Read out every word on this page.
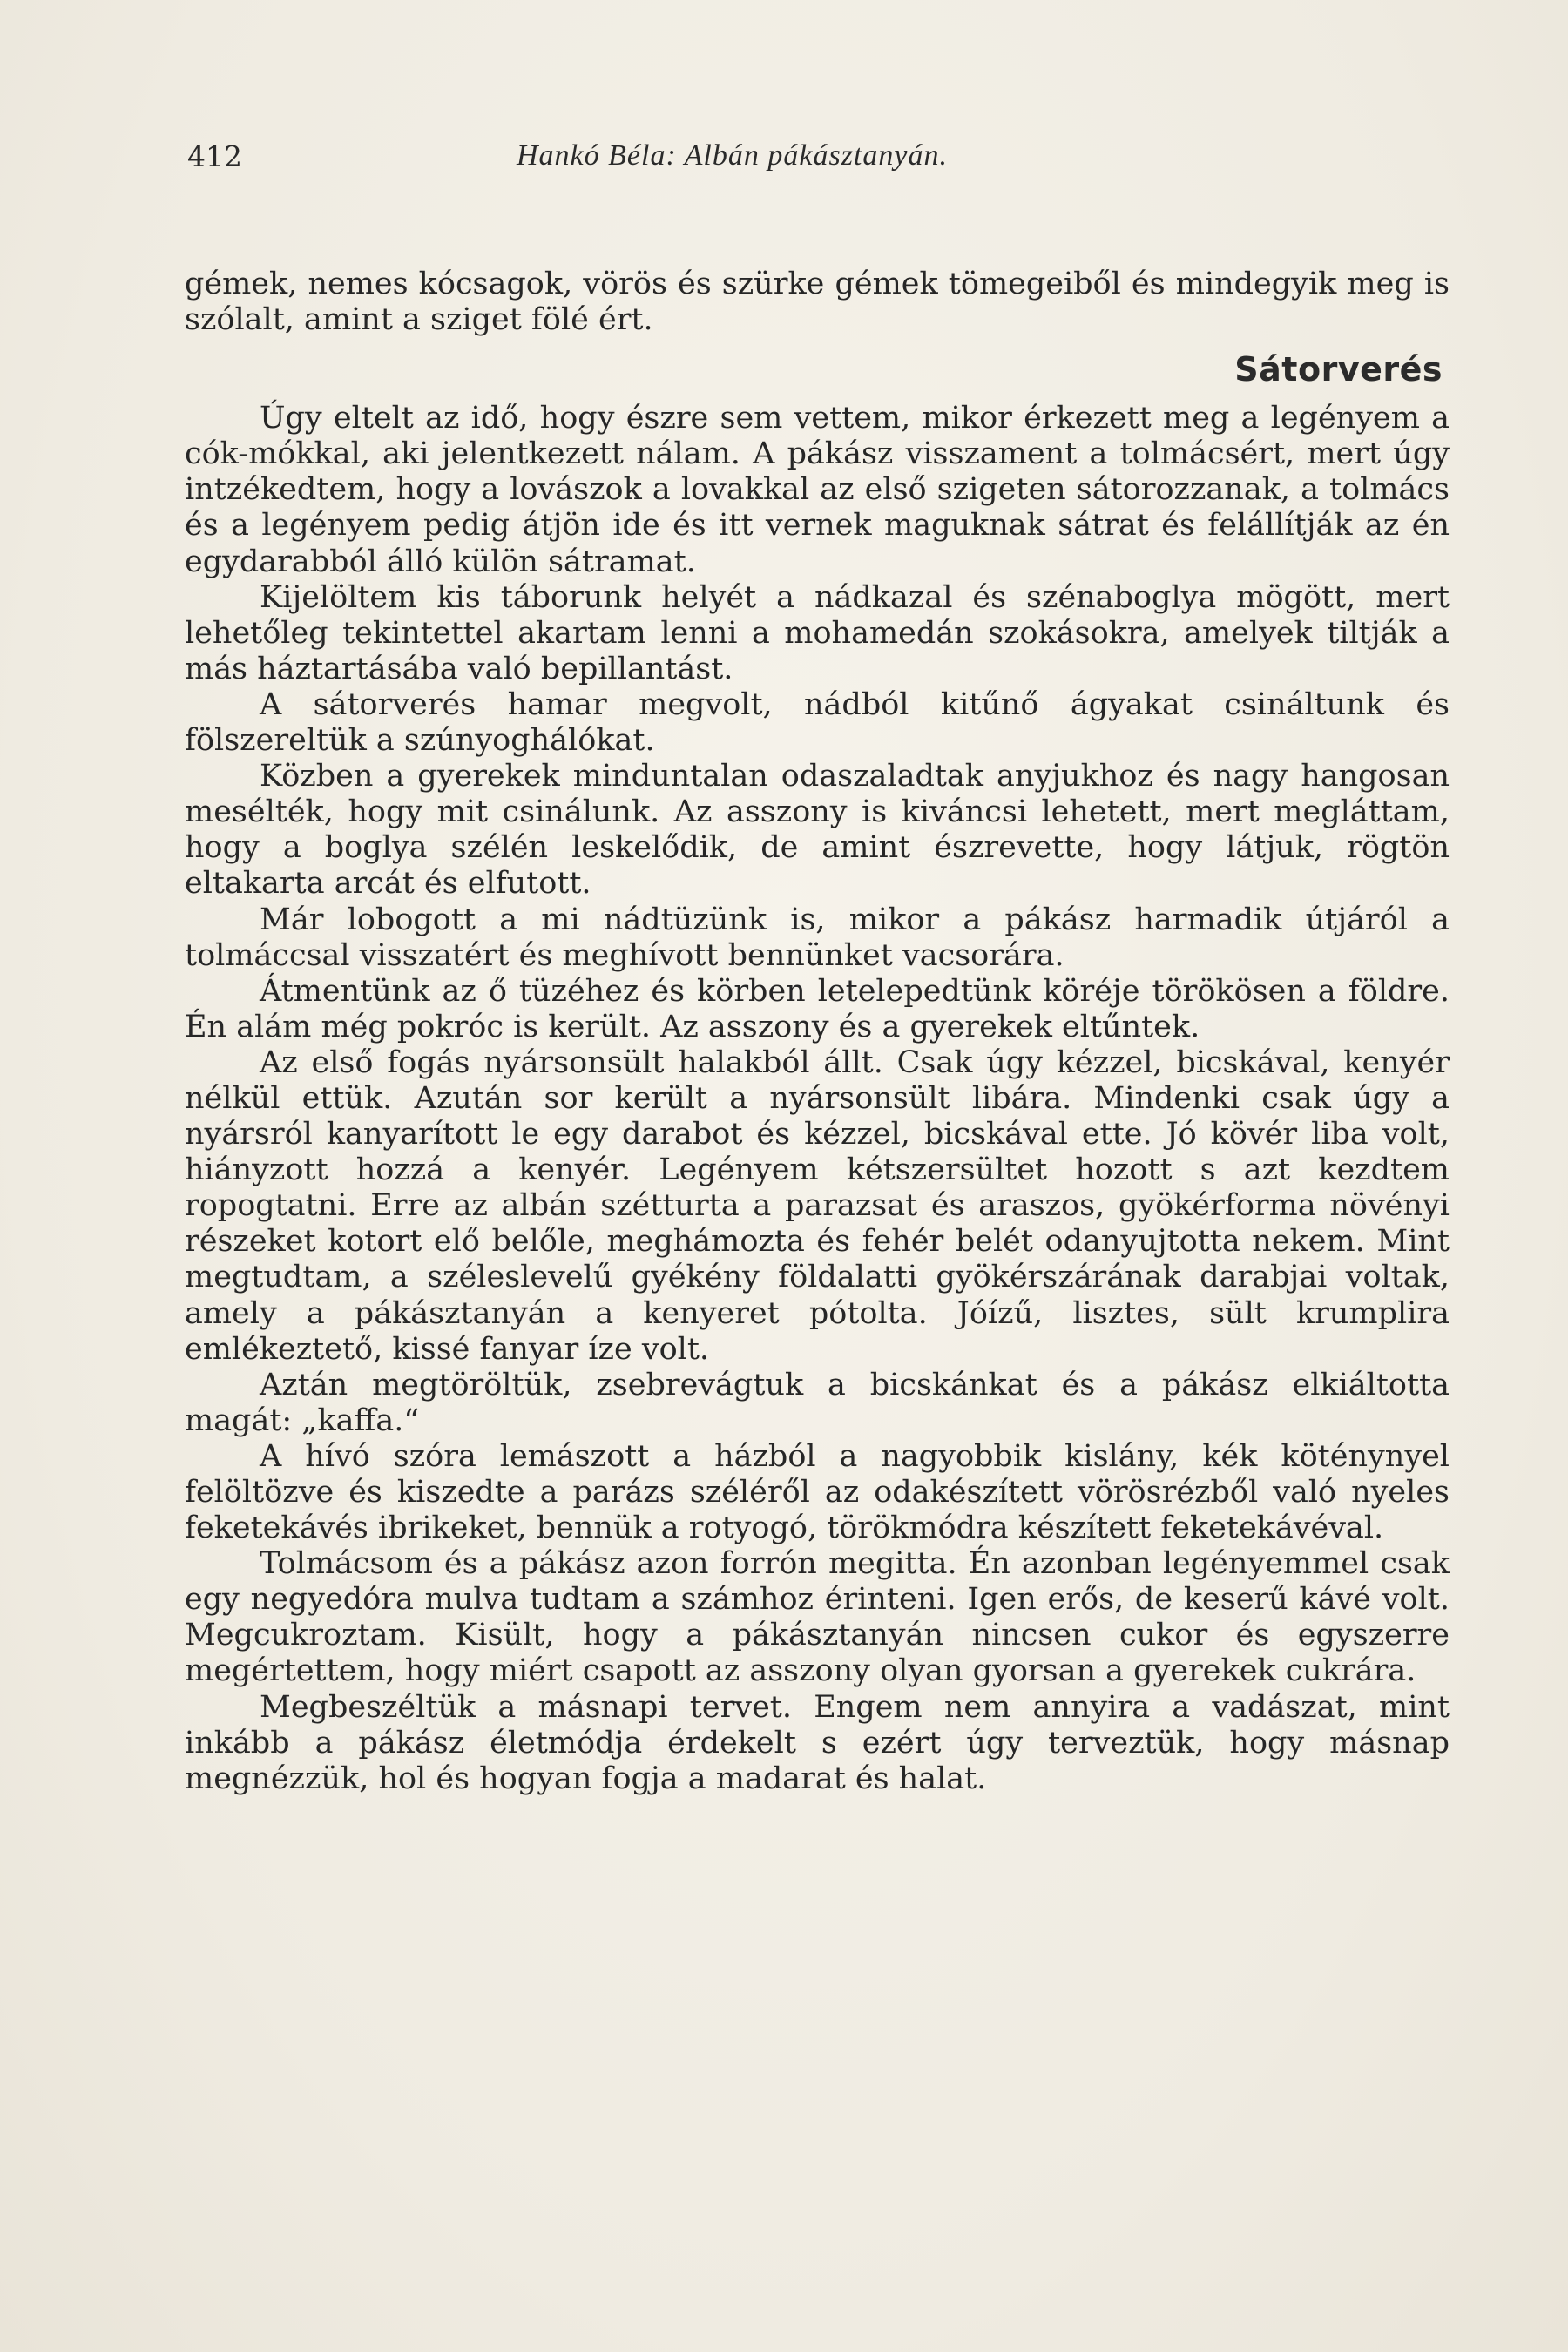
412	Hankó Béla: Albán pákásztanyán.

gémek, nemes kócsagok, vörös és szürke gémek tömegeiből és mindegyik meg is szólalt, amint a sziget fölé ért.

Sátorverés

Úgy eltelt az idő, hogy észre sem vettem, mikor érkezett meg a legényem a cók-mókkal, aki jelentkezett nálam. A pákász visszament a tolmácsért, mert úgy intzékedtem, hogy a lovászok a lovakkal az első szigeten sátorozzanak, a tolmács és a legényem pedig átjön ide és itt vernek maguknak sátrat és felállítják az én egydarabból álló külön sátramat.

Kijelöltem kis táborunk helyét a nádkazal és szénaboglya mögött, mert lehetőleg tekintettel akartam lenni a mohamedán szokásokra, amelyek tiltják a más háztartásába való bepillantást.

A sátorverés hamar megvolt, nádból kitűnő ágyakat csináltunk és fölszereltük a szúnyoghálókat.

Közben a gyerekek minduntalan odaszaladtak anyjukhoz és nagy hangosan mesélték, hogy mit csinálunk. Az asszony is kiváncsi lehetett, mert megláttam, hogy a boglya szélén leskelődik, de amint észrevette, hogy látjuk, rögtön eltakarta arcát és elfutott.

Már lobogott a mi nádtüzünk is, mikor a pákász harmadik útjáról a tolmáccsal visszatért és meghívott bennünket vacsorára.

Átmentünk az ő tüzéhez és körben letelepedtünk köréje törökösen a földre. Én alám még pokróc is került. Az asszony és a gyerekek eltűntek.

Az első fogás nyársonsült halakból állt. Csak úgy kézzel, bicskával, kenyér nélkül ettük. Azután sor került a nyársonsült libára. Mindenki csak úgy a nyársról kanyarított le egy darabot és kézzel, bicskával ette. Jó kövér liba volt, hiányzott hozzá a kenyér. Legényem kétszersültet hozott s azt kezdtem ropogtatni. Erre az albán szétturta a parazsat és araszos, gyökérforma növényi részeket kotort elő belőle, meghámozta és fehér belét odanyujtotta nekem. Mint megtudtam, a széleslevelű gyékény földalatti gyökérszárának darabjai voltak, amely a pákásztanyán a kenyeret pótolta. Jóízű, lisztes, sült krumplira emlékeztető, kissé fanyar íze volt.

Aztán megtöröltük, zsebrevágtuk a bicskánkat és a pákász elkiáltotta magát: „kaffa.“

A hívó szóra lemászott a házból a nagyobbik kislány, kék köténynyel felöltözve és kiszedte a parázs széléről az odakészített vörösrézből való nyeles feketekávés ibrikeket, bennük a rotyogó, törökmódra készített feketekávéval.

Tolmácsom és a pákász azon forrón megitta. Én azonban legényemmel csak egy negyedóra mulva tudtam a számhoz érinteni. Igen erős, de keserű kávé volt. Megcukroztam. Kisült, hogy a pákásztanyán nincsen cukor és egyszerre megértettem, hogy miért csapott az asszony olyan gyorsan a gyerekek cukrára.

Megbeszéltük a másnapi tervet. Engem nem annyira a vadászat, mint inkább a pákász életmódja érdekelt s ezért úgy terveztük, hogy másnap megnézzük, hol és hogyan fogja a madarat és halat.
